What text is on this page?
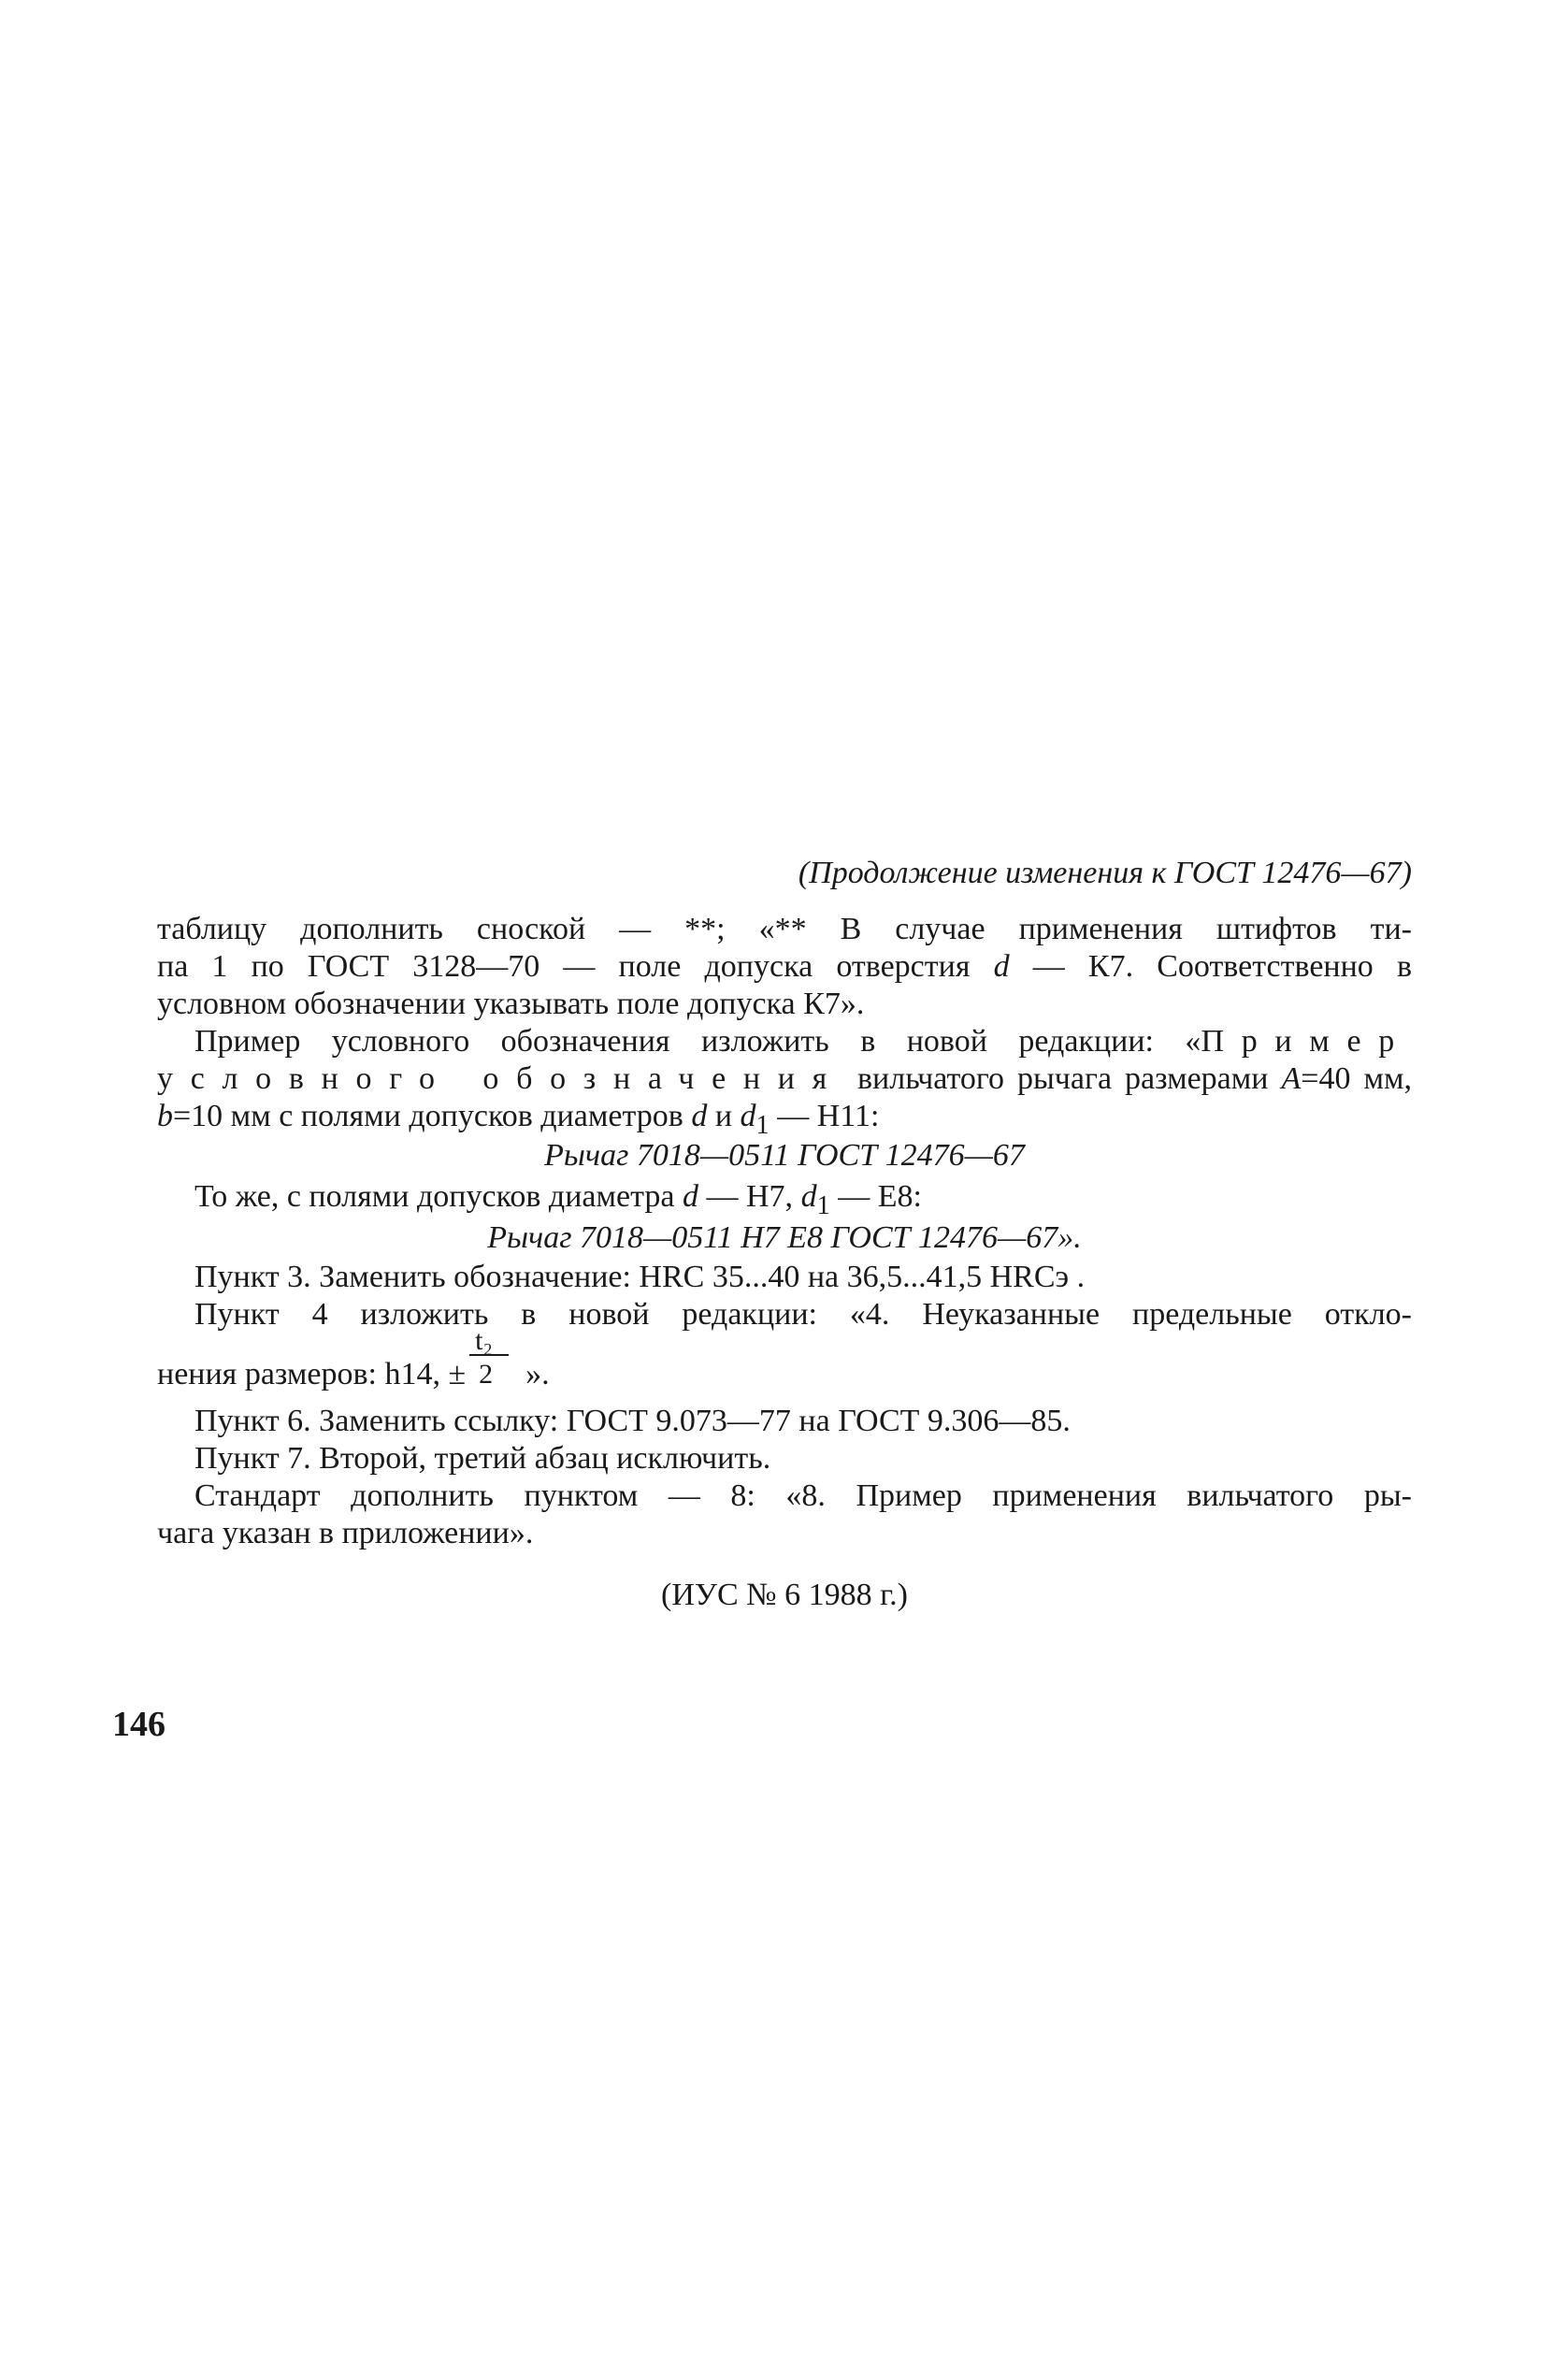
(Продолжение изменения к ГОСТ 12476—67)
таблицу дополнить сноской — **; «** В случае применения штифтов ти-
па 1 по ГОСТ 3128—70 — поле допуска отверстия d — К7. Соответственно в
условном обозначении указывать поле допуска К7».
Пример условного обозначения изложить в новой редакции: «Пример
условного обозначения вильчатого рычага размерами А=40 мм,
b=10 мм с полями допусков диаметров d и $d_1$ — Н11:
Рычаг 7018—0511 ГОСТ 12476—67
То же, с полями допусков диаметра d — Н7, $d_1$ — Е8:
Рычаг 7018—0511 Н7 Е8 ГОСТ 12476—67».
Пункт 3. Заменить обозначение: HRC 35...40 на 36,5...41,5 HRCэ .
Пункт 4 изложить в новой редакции: «4. Неуказанные предельные откло-
нения размеров: h14, ± $\frac{\text{t₂}}{2}$ ».
Пункт 6. Заменить ссылку: ГОСТ 9.073—77 на ГОСТ 9.306—85.
Пункт 7. Второй, третий абзац исключить.
Стандарт дополнить пунктом — 8: «8. Пример применения вильчатого ры-
чага указан в приложении».
(ИУС № 6 1988 г.)
146
